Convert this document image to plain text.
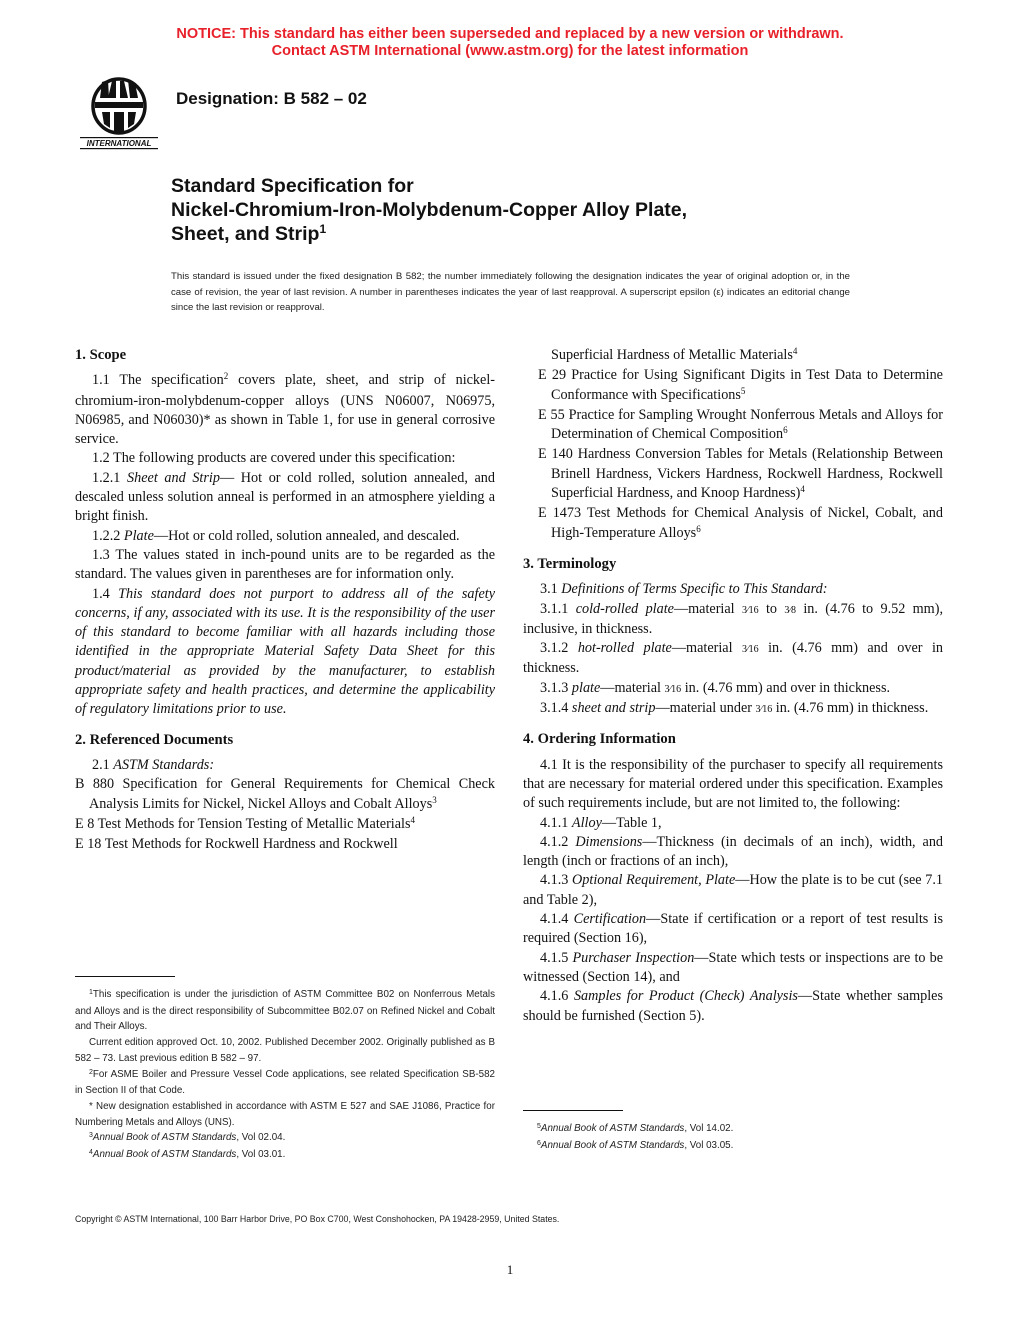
NOTICE: This standard has either been superseded and replaced by a new version or withdrawn.
Contact ASTM International (www.astm.org) for the latest information
INTERNATIONAL
Designation: B 582 – 02
Standard Specification for
Nickel-Chromium-Iron-Molybdenum-Copper Alloy Plate,
Sheet, and Strip$^1$
This standard is issued under the fixed designation B 582; the number immediately following the designation indicates the year of original adoption or, in the case of revision, the year of last revision. A number in parentheses indicates the year of last reapproval. A superscript epsilon (ε) indicates an editorial change since the last revision or reapproval.
1. Scope

1.1 The specification$^2$ covers plate, sheet, and strip of nickel-chromium-iron-molybdenum-copper alloys (UNS N06007, N06975, N06985, and N06030)* as shown in Table 1, for use in general corrosive service.

1.2 The following products are covered under this specification:

1.2.1 Sheet and Strip— Hot or cold rolled, solution annealed, and descaled unless solution anneal is performed in an atmosphere yielding a bright finish.

1.2.2 Plate—Hot or cold rolled, solution annealed, and descaled.

1.3 The values stated in inch-pound units are to be regarded as the standard. The values given in parentheses are for information only.

1.4 This standard does not purport to address all of the safety concerns, if any, associated with its use. It is the responsibility of the user of this standard to become familiar with all hazards including those identified in the appropriate Material Safety Data Sheet for this product/material as provided by the manufacturer, to establish appropriate safety and health practices, and determine the applicability of regulatory limitations prior to use.

2. Referenced Documents

2.1 ASTM Standards:

B 880 Specification for General Requirements for Chemical Check Analysis Limits for Nickel, Nickel Alloys and Cobalt Alloys$^3$

E 8 Test Methods for Tension Testing of Metallic Materials$^4$

E 18 Test Methods for Rockwell Hardness and Rockwell

Superficial Hardness of Metallic Materials$^4$

E 29 Practice for Using Significant Digits in Test Data to Determine Conformance with Specifications$^5$

E 55 Practice for Sampling Wrought Nonferrous Metals and Alloys for Determination of Chemical Composition$^6$

E 140 Hardness Conversion Tables for Metals (Relationship Between Brinell Hardness, Vickers Hardness, Rockwell Hardness, Rockwell Superficial Hardness, and Knoop Hardness)$^4$

E 1473 Test Methods for Chemical Analysis of Nickel, Cobalt, and High-Temperature Alloys$^6$

3. Terminology

3.1 Definitions of Terms Specific to This Standard:

3.1.1 cold-rolled plate—material 3⁄16 to 3⁄8 in. (4.76 to 9.52 mm), inclusive, in thickness.

3.1.2 hot-rolled plate—material 3⁄16 in. (4.76 mm) and over in thickness.

3.1.3 plate—material 3⁄16 in. (4.76 mm) and over in thickness.

3.1.4 sheet and strip—material under 3⁄16 in. (4.76 mm) in thickness.

4. Ordering Information

4.1 It is the responsibility of the purchaser to specify all requirements that are necessary for material ordered under this specification. Examples of such requirements include, but are not limited to, the following:

4.1.1 Alloy—Table 1,

4.1.2 Dimensions—Thickness (in decimals of an inch), width, and length (inch or fractions of an inch),

4.1.3 Optional Requirement, Plate—How the plate is to be cut (see 7.1 and Table 2),

4.1.4 Certification—State if certification or a report of test results is required (Section 16),

4.1.5 Purchaser Inspection—State which tests or inspections are to be witnessed (Section 14), and

4.1.6 Samples for Product (Check) Analysis—State whether samples should be furnished (Section 5).

$^1$This specification is under the jurisdiction of ASTM Committee B02 on Nonferrous Metals and Alloys and is the direct responsibility of Subcommittee B02.07 on Refined Nickel and Cobalt and Their Alloys.

Current edition approved Oct. 10, 2002. Published December 2002. Originally published as B 582 – 73. Last previous edition B 582 – 97.

$^2$For ASME Boiler and Pressure Vessel Code applications, see related Specification SB-582 in Section II of that Code.

* New designation established in accordance with ASTM E 527 and SAE J1086, Practice for Numbering Metals and Alloys (UNS).

$^3$Annual Book of ASTM Standards, Vol 02.04.

$^4$Annual Book of ASTM Standards, Vol 03.01.

$^5$Annual Book of ASTM Standards, Vol 14.02.

$^6$Annual Book of ASTM Standards, Vol 03.05.

Copyright © ASTM International, 100 Barr Harbor Drive, PO Box C700, West Conshohocken, PA 19428-2959, United States.
1
